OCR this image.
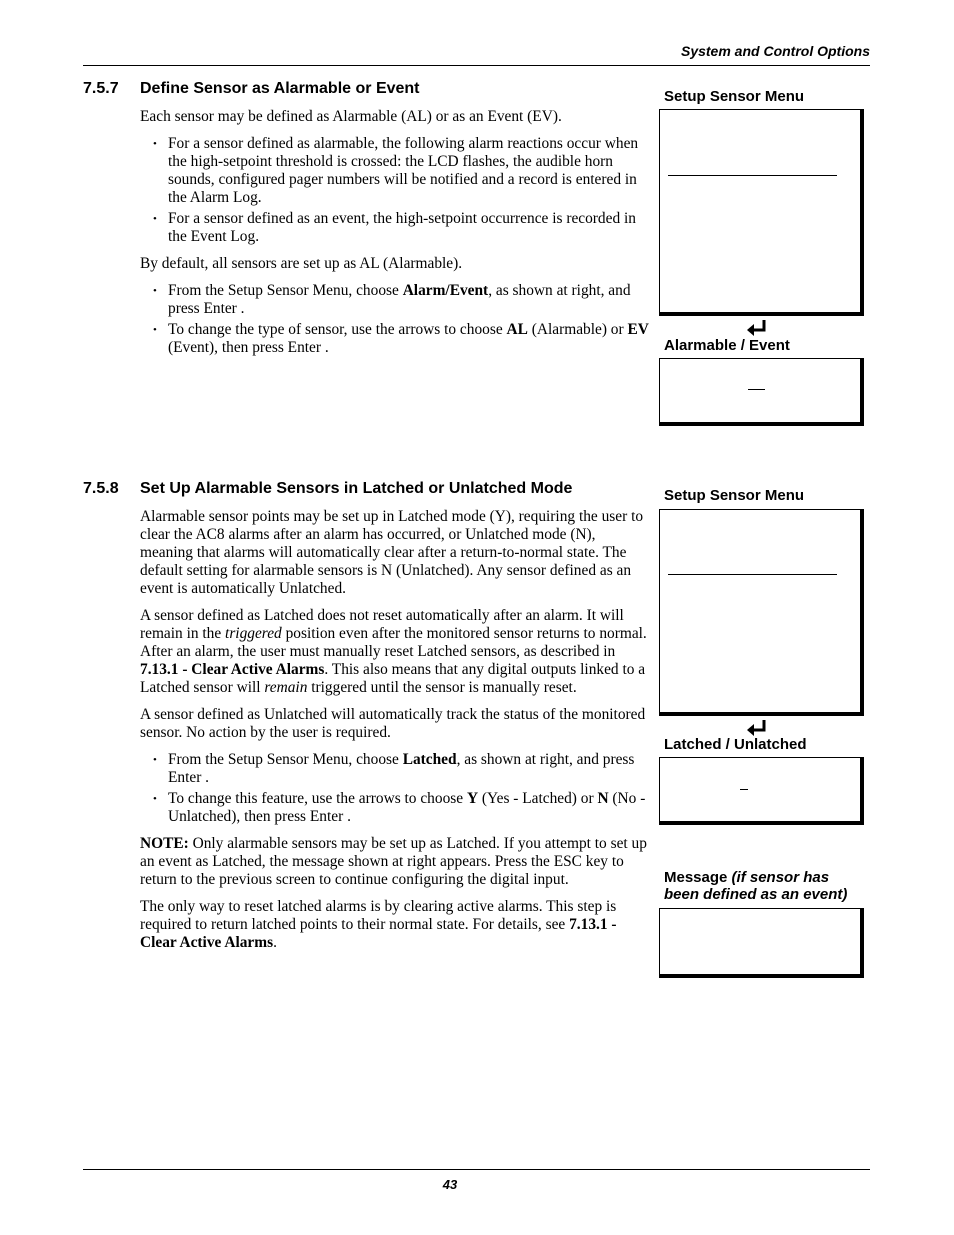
System and Control Options
7.5.7 Define Sensor as Alarmable or Event

Each sensor may be defined as Alarmable (AL) or as an Event (EV).

• For a sensor defined as alarmable, the following alarm reactions occur when the high-setpoint threshold is crossed: the LCD flashes, the audible horn sounds, configured pager numbers will be notified and a record is entered in the Alarm Log.
• For a sensor defined as an event, the high-setpoint occurrence is recorded in the Event Log.

By default, all sensors are set up as AL (Alarmable).

• From the Setup Sensor Menu, choose Alarm/Event, as shown at right, and press Enter .
• To change the type of sensor, use the arrows to choose AL (Alarmable) or EV (Event), then press Enter .
Setup Sensor Menu
Alarmable / Event
7.5.8 Set Up Alarmable Sensors in Latched or Unlatched Mode

Alarmable sensor points may be set up in Latched mode (Y), requiring the user to clear the AC8 alarms after an alarm has occurred, or Unlatched mode (N), meaning that alarms will automatically clear after a return-to-normal state. The default setting for alarmable sensors is N (Unlatched). Any sensor defined as an event is automatically Unlatched.

A sensor defined as Latched does not reset automatically after an alarm. It will remain in the triggered position even after the monitored sensor returns to normal. After an alarm, the user must manually reset Latched sensors, as described in 7.13.1 - Clear Active Alarms. This also means that any digital outputs linked to a Latched sensor will remain triggered until the sensor is manually reset.

A sensor defined as Unlatched will automatically track the status of the monitored sensor. No action by the user is required.

• From the Setup Sensor Menu, choose Latched, as shown at right, and press Enter .
• To change this feature, use the arrows to choose Y (Yes - Latched) or N (No - Unlatched), then press Enter .

NOTE: Only alarmable sensors may be set up as Latched. If you attempt to set up an event as Latched, the message shown at right appears. Press the ESC key to return to the previous screen to continue configuring the digital input.

The only way to reset latched alarms is by clearing active alarms. This step is required to return latched points to their normal state. For details, see 7.13.1 - Clear Active Alarms.

Setup Sensor Menu
Latched / Unlatched
Message (if sensor has been defined as an event)
43
